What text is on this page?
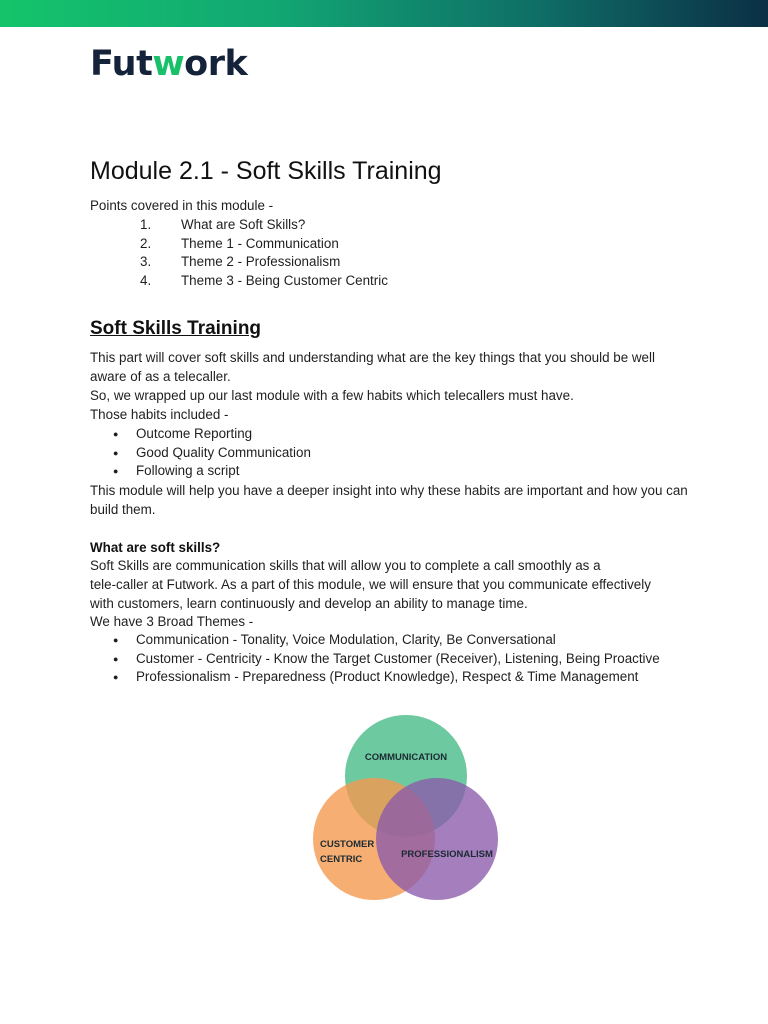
Futwork
Module 2.1 - Soft Skills Training

Points covered in this module -

1.	What are Soft Skills?
2.	Theme 1 - Communication
3.	Theme 2 - Professionalism
4.	Theme 3 - Being Customer Centric
Soft Skills Training

This part will cover soft skills and understanding what are the key things that you should be well aware of as a telecaller.

So, we wrapped up our last module with a few habits which telecallers must have.

Those habits included -

●	Outcome Reporting
●	Good Quality Communication
●	Following a script

This module will help you have a deeper insight into why these habits are important and how you can build them.

What are soft skills?

Soft Skills are communication skills that will allow you to complete a call smoothly as a

tele-caller at Futwork. As a part of this module, we will ensure that you communicate effectively

with customers, learn continuously and develop an ability to manage time.

We have 3 Broad Themes -

●	Communication - Tonality, Voice Modulation, Clarity, Be Conversational
●	Customer - Centricity - Know the Target Customer (Receiver), Listening, Being Proactive
●	Professionalism - Preparedness (Product Knowledge), Respect & Time Management
COMMUNICATION
CUSTOMER
CENTRIC	PROFESSIONALISM
